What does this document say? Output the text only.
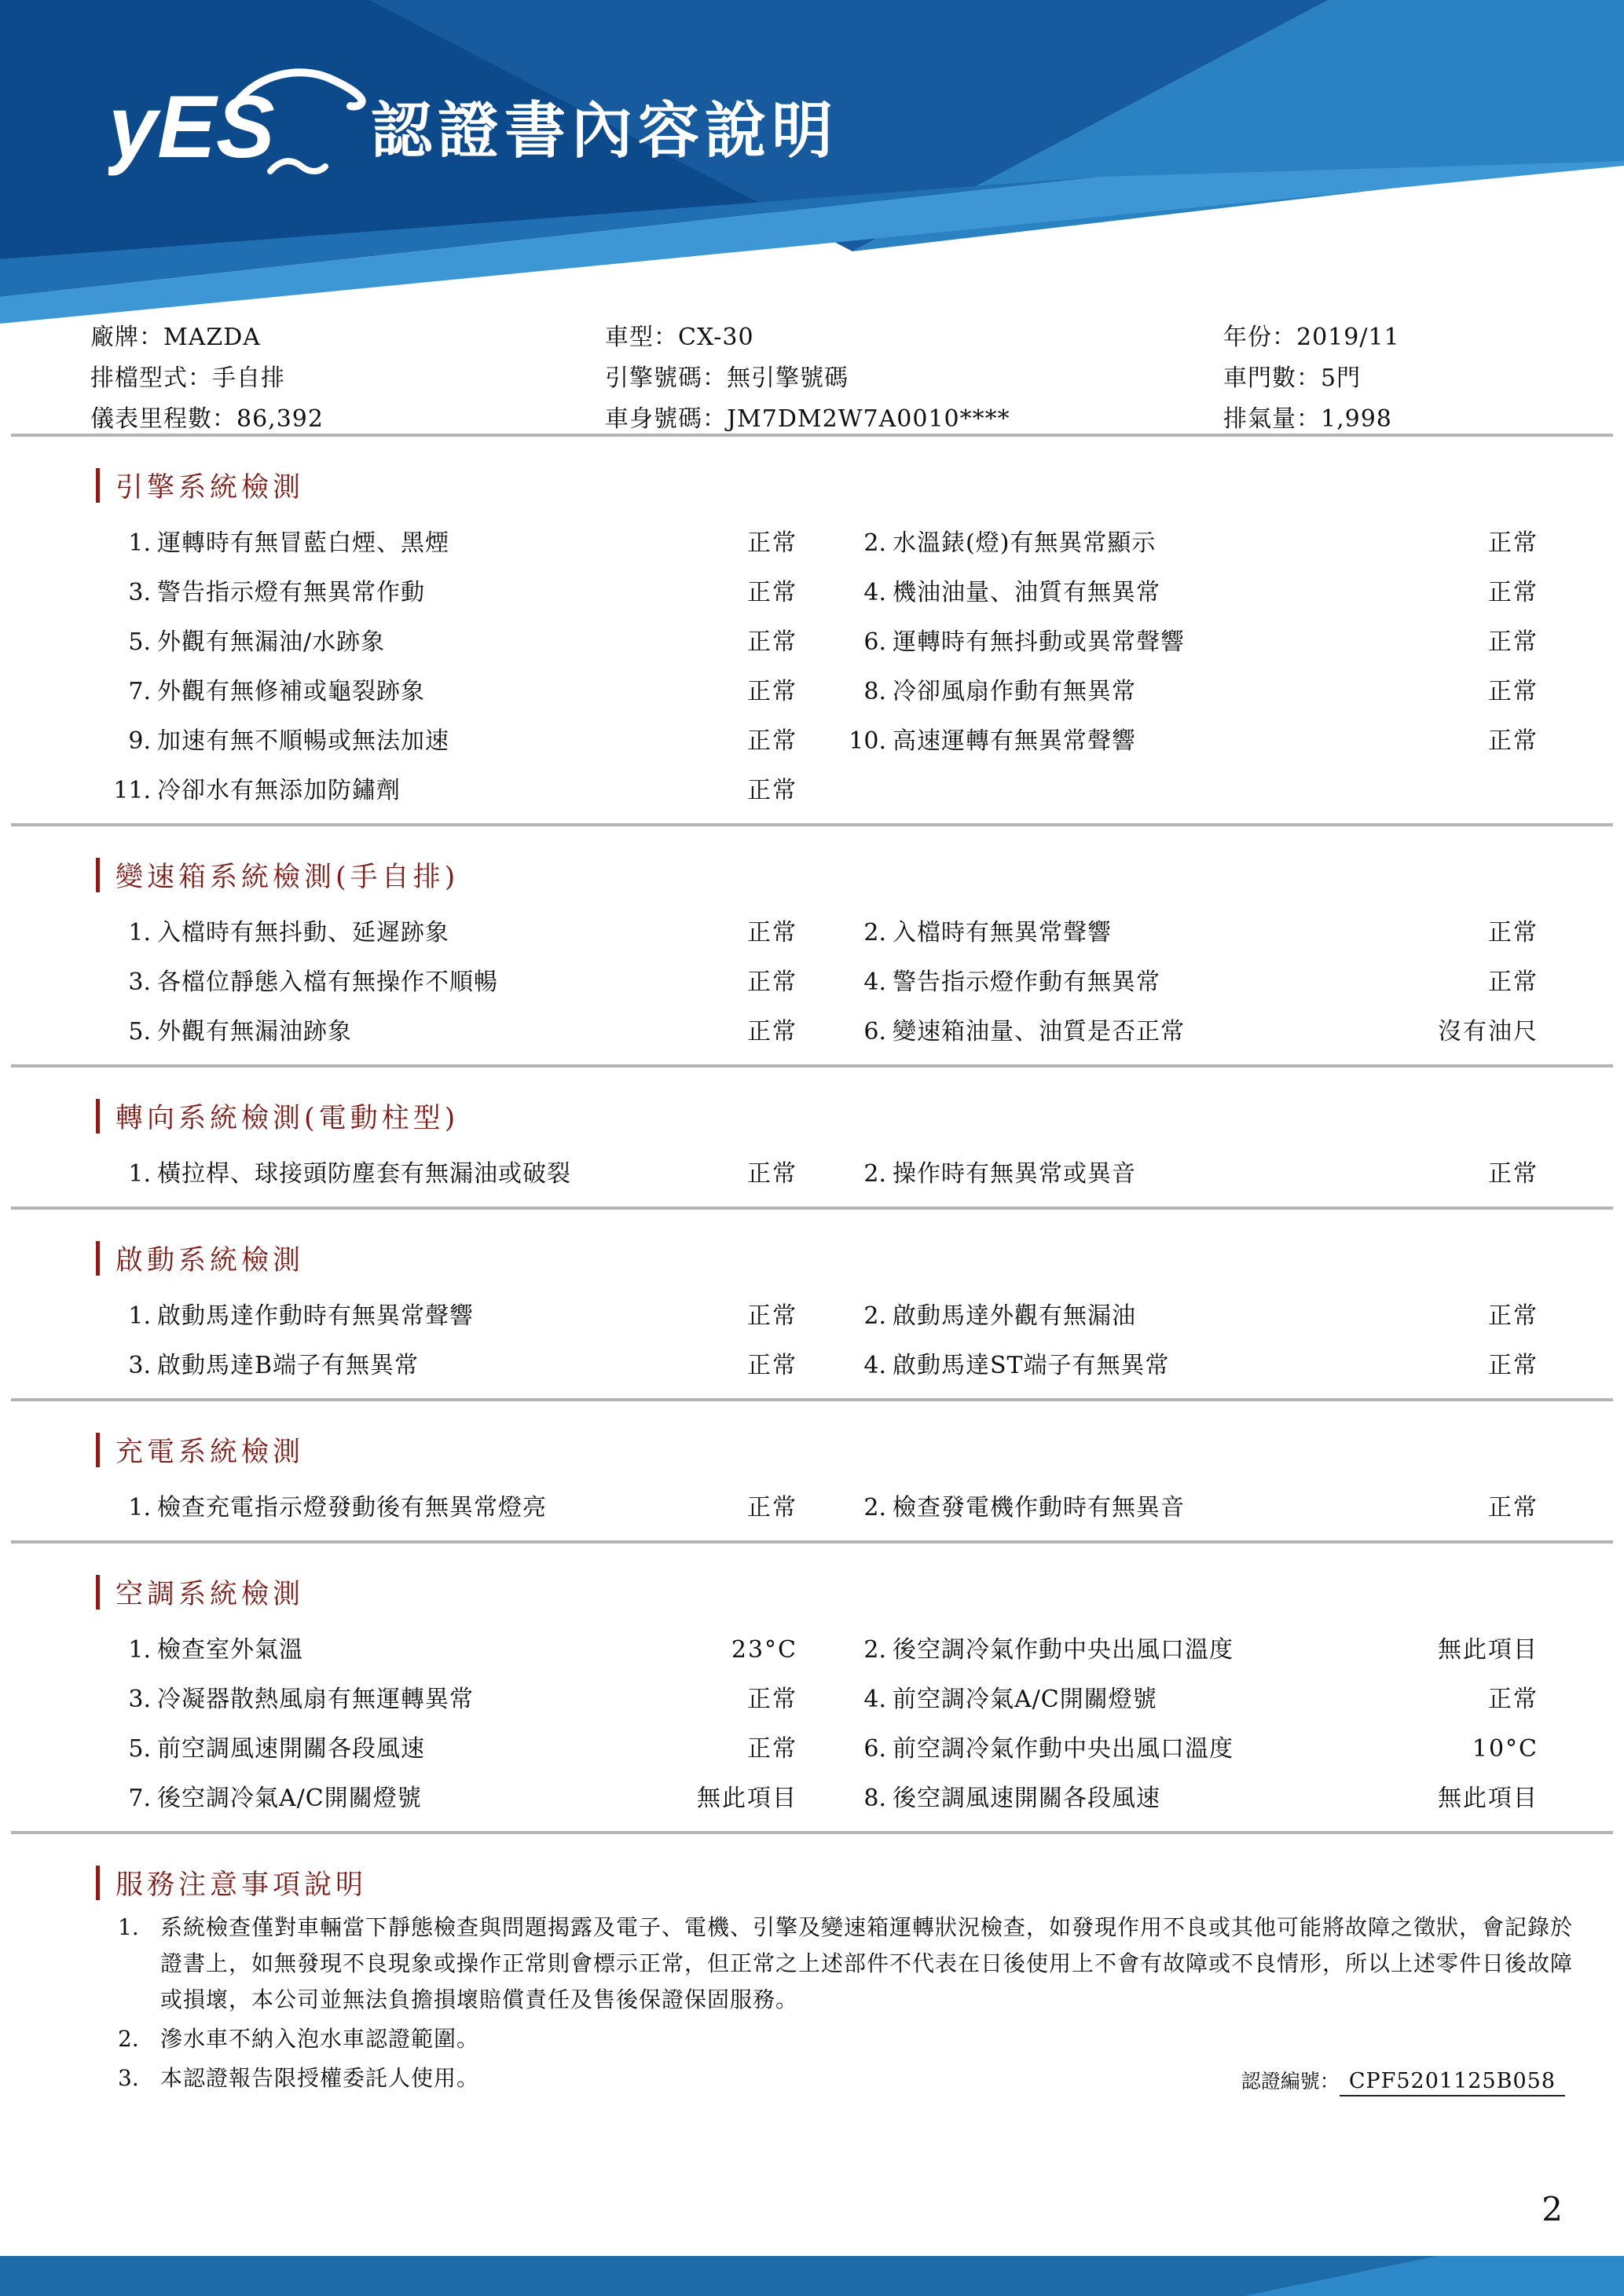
yES 認證書內容說明
廠牌：MAZDA	車型：CX-30	年份：2019/11
排檔型式：手自排	引擎號碼：無引擎號碼	車門數：5門
儀表里程數：86,392	車身號碼：JM7DM2W7A0010****	排氣量：1,998
引擎系統檢測
1. 運轉時有無冒藍白煙、黑煙	正常	2. 水溫錶(燈)有無異常顯示	正常
3. 警告指示燈有無異常作動	正常	4. 機油油量、油質有無異常	正常
5. 外觀有無漏油/水跡象	正常	6. 運轉時有無抖動或異常聲響	正常
7. 外觀有無修補或龜裂跡象	正常	8. 冷卻風扇作動有無異常	正常
9. 加速有無不順暢或無法加速	正常	10. 高速運轉有無異常聲響	正常
11. 冷卻水有無添加防鏽劑	正常
變速箱系統檢測(手自排)
1. 入檔時有無抖動、延遲跡象	正常	2. 入檔時有無異常聲響	正常
3. 各檔位靜態入檔有無操作不順暢	正常	4. 警告指示燈作動有無異常	正常
5. 外觀有無漏油跡象	正常	6. 變速箱油量、油質是否正常	沒有油尺
轉向系統檢測(電動柱型)
1. 橫拉桿、球接頭防塵套有無漏油或破裂	正常	2. 操作時有無異常或異音	正常
啟動系統檢測
1. 啟動馬達作動時有無異常聲響	正常	2. 啟動馬達外觀有無漏油	正常
3. 啟動馬達B端子有無異常	正常	4. 啟動馬達ST端子有無異常	正常
充電系統檢測
1. 檢查充電指示燈發動後有無異常燈亮	正常	2. 檢查發電機作動時有無異音	正常
空調系統檢測
1. 檢查室外氣溫	23°C	2. 後空調冷氣作動中央出風口溫度	無此項目
3. 冷凝器散熱風扇有無運轉異常	正常	4. 前空調冷氣A/C開關燈號	正常
5. 前空調風速開關各段風速	正常	6. 前空調冷氣作動中央出風口溫度	10°C
7. 後空調冷氣A/C開關燈號	無此項目	8. 後空調風速開關各段風速	無此項目
服務注意事項說明
1. 系統檢查僅對車輛當下靜態檢查與問題揭露及電子、電機、引擎及變速箱運轉狀況檢查，如發現作用不良或其他可能將故障之徵狀，會記錄於證書上，如無發現不良現象或操作正常則會標示正常，但正常之上述部件不代表在日後使用上不會有故障或不良情形，所以上述零件日後故障或損壞，本公司並無法負擔損壞賠償責任及售後保證保固服務。
2. 滲水車不納入泡水車認證範圍。
3. 本認證報告限授權委託人使用。	認證編號： CPF5201125B058
2
